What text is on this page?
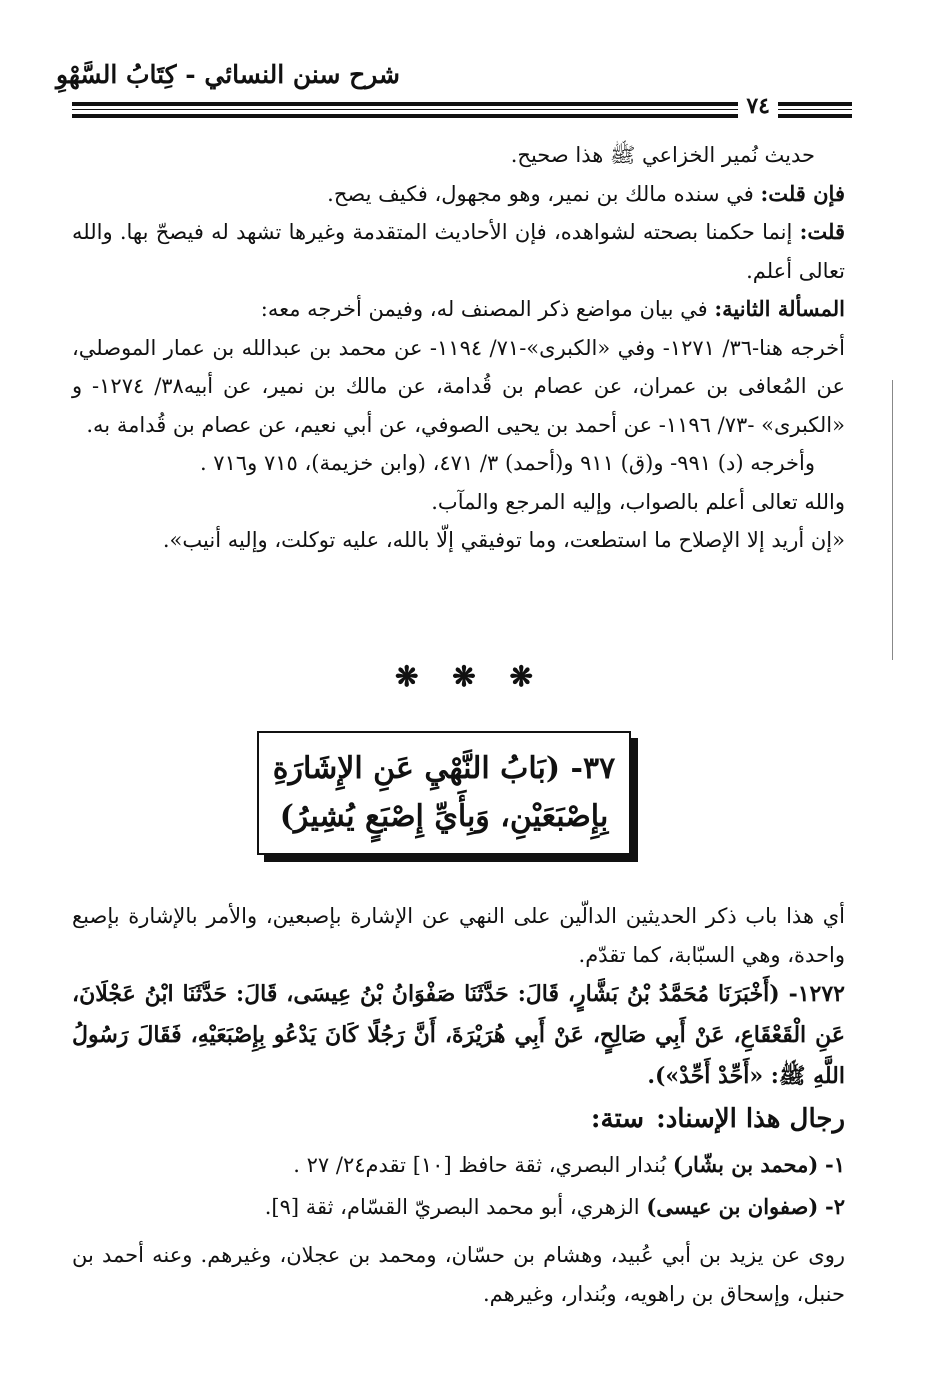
شرح سنن النسائي - كِتَابُ السَّهْوِ
٧٤

حديث نُمير الخزاعي ﷺ هذا صحيح.

فإن قلت: في سنده مالك بن نمير، وهو مجهول، فكيف يصح.

قلت: إنما حكمنا بصحته لشواهده، فإن الأحاديث المتقدمة وغيرها تشهد له فيصحّ بها. والله تعالى أعلم.

المسألة الثانية: في بيان مواضع ذكر المصنف له، وفيمن أخرجه معه:

أخرجه هنا-٣٦/ ١٢٧١- وفي «الكبرى»-٧١/ ١١٩٤- عن محمد بن عبدالله بن عمار الموصلي، عن المُعافى بن عمران، عن عصام بن قُدامة، عن مالك بن نمير، عن أبيه٣٨/ ١٢٧٤- و «الكبرى» -٧٣/ ١١٩٦- عن أحمد بن يحيى الصوفي، عن أبي نعيم، عن عصام بن قُدامة به.

وأخرجه (د) ٩٩١- و(ق) ٩١١ و(أحمد) ٣/ ٤٧١، (وابن خزيمة)، ٧١٥ و٧١٦ .

والله تعالى أعلم بالصواب، وإليه المرجع والمآب.

«إن أريد إلا الإصلاح ما استطعت، وما توفيقي إلّا بالله، عليه توكلت، وإليه أنيب».

❋ ❋ ❋
٣٧- (بَابُ النَّهْيِ عَنِ الإِشَارَةِ
بِإِصْبَعَيْنِ، وَبِأَيِّ إِصْبَعٍ يُشِيرُ)

أي هذا باب ذكر الحديثين الدالّين على النهي عن الإشارة بإصبعين، والأمر بالإشارة بإصبع واحدة، وهي السبّابة، كما تقدّم.

١٢٧٢- (أَخْبَرَنَا مُحَمَّدُ بْنُ بَشَّارٍ، قَالَ: حَدَّثَنَا صَفْوَانُ بْنُ عِيسَى، قَالَ: حَدَّثَنَا ابْنُ عَجْلَانَ، عَنِ الْقَعْقَاعِ، عَنْ أَبِي صَالِحٍ، عَنْ أَبِي هُرَيْرَةَ، أَنَّ رَجُلًا كَانَ يَدْعُو بِإِصْبَعَيْهِ، فَقَالَ رَسُولُ اللَّهِ ﷺ: «أَحِّدْ أَحِّدْ»).

رجال هذا الإسناد:ستة:
١- (محمد بن بشّار) بُندار البصري، ثقة حافظ [١٠] تقدم٢٤/ ٢٧ .
٢- (صفوان بن عيسى) الزهري، أبو محمد البصريّ القسّام، ثقة [٩].

روى عن يزيد بن أبي عُبيد، وهشام بن حسّان، ومحمد بن عجلان، وغيرهم. وعنه أحمد بن حنبل، وإسحاق بن راهويه، وبُندار، وغيرهم.
